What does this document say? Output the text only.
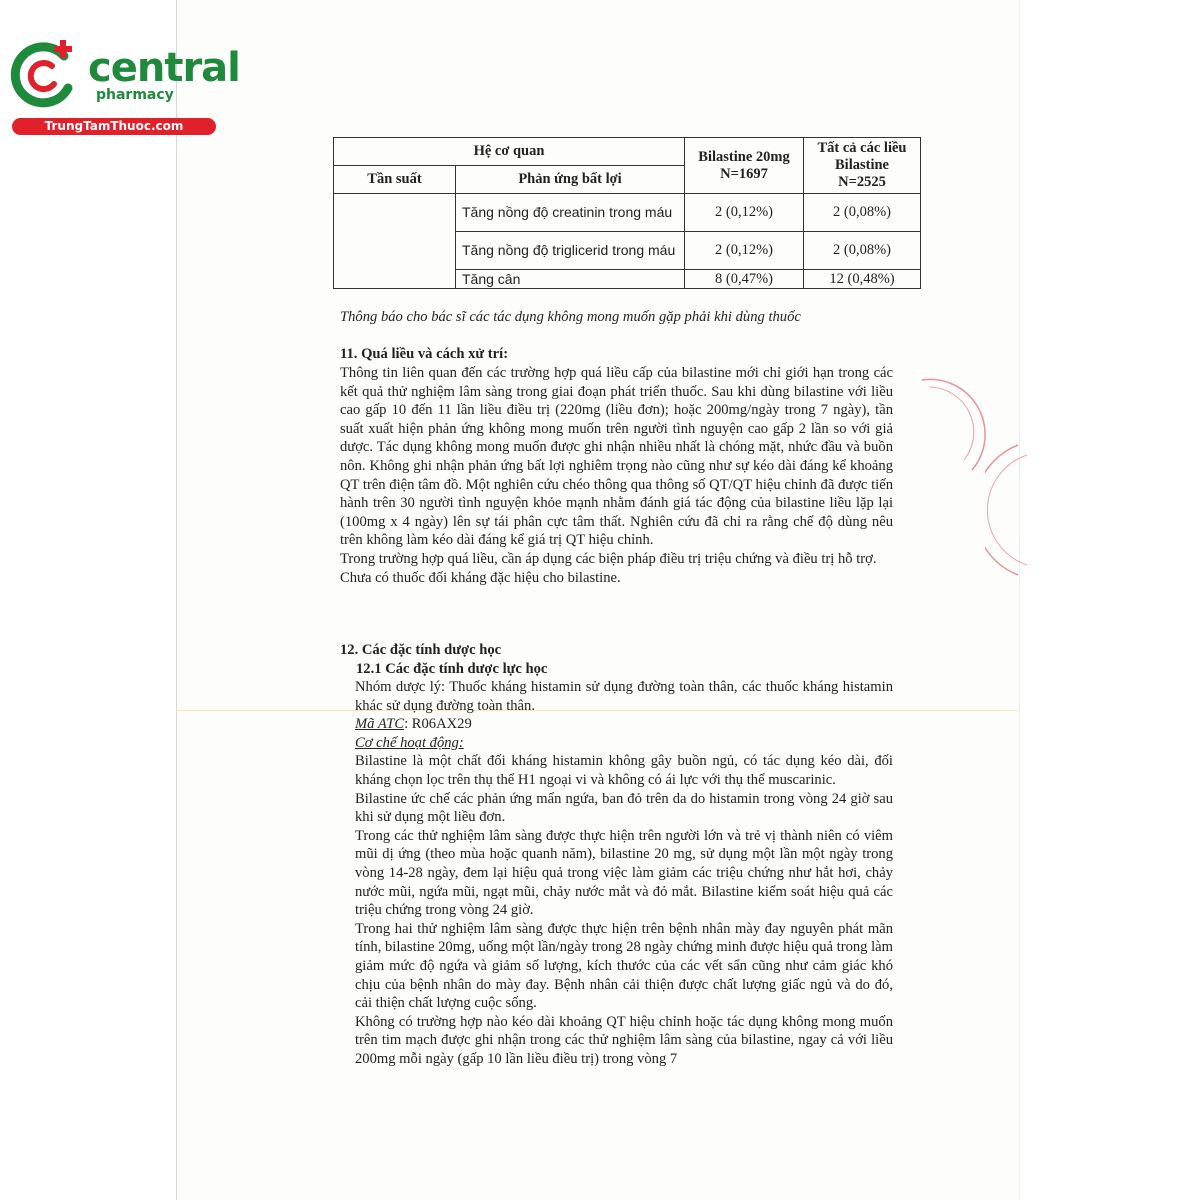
central
pharmacy
TrungTamThuoc.com
Hệ cơ quan		Bilastine 20mg N=1697	Tất cả các liều Bilastine N=2525
Tần suất	Phản ứng bất lợi		
	Tăng nồng độ creatinin trong máu	2 (0,12%)	2 (0,08%)
	Tăng nồng độ triglicerid trong máu	2 (0,12%)	2 (0,08%)
	Tăng cân	8 (0,47%)	12 (0,48%)
Thông báo cho bác sĩ các tác dụng không mong muốn gặp phải khi dùng thuốc
11. Quá liều và cách xử trí:
Thông tin liên quan đến các trường hợp quá liều cấp của bilastine mới chỉ giới hạn trong các kết quả thử nghiệm lâm sàng trong giai đoạn phát triển thuốc. Sau khi dùng bilastine với liều cao gấp 10 đến 11 lần liều điều trị (220mg (liều đơn); hoặc 200mg/ngày trong 7 ngày), tần suất xuất hiện phản ứng không mong muốn trên người tình nguyện cao gấp 2 lần so với giả dược. Tác dụng không mong muốn được ghi nhận nhiều nhất là chóng mặt, nhức đầu và buồn nôn. Không ghi nhận phản ứng bất lợi nghiêm trọng nào cũng như sự kéo dài đáng kể khoảng QT trên điện tâm đồ. Một nghiên cứu chéo thông qua thông số QT/QT hiệu chỉnh đã được tiến hành trên 30 người tình nguyện khỏe mạnh nhằm đánh giá tác động của bilastine liều lặp lại (100mg x 4 ngày) lên sự tái phân cực tâm thất. Nghiên cứu đã chỉ ra rằng chế độ dùng nêu trên không làm kéo dài đáng kể giá trị QT hiệu chỉnh.
Trong trường hợp quá liều, cần áp dụng các biện pháp điều trị triệu chứng và điều trị hỗ trợ.
Chưa có thuốc đối kháng đặc hiệu cho bilastine.
12. Các đặc tính dược học
12.1 Các đặc tính dược lực học
Nhóm dược lý: Thuốc kháng histamin sử dụng đường toàn thân, các thuốc kháng histamin khác sử dụng đường toàn thân.
Mã ATC: R06AX29
Cơ chế hoạt động:
Bilastine là một chất đối kháng histamin không gây buồn ngủ, có tác dụng kéo dài, đối kháng chọn lọc trên thụ thể H1 ngoại vi và không có ái lực với thụ thể muscarinic.
Bilastine ức chế các phản ứng mẩn ngứa, ban đỏ trên da do histamin trong vòng 24 giờ sau khi sử dụng một liều đơn.
Trong các thử nghiệm lâm sàng được thực hiện trên người lớn và trẻ vị thành niên có viêm mũi dị ứng (theo mùa hoặc quanh năm), bilastine 20 mg, sử dụng một lần một ngày trong vòng 14-28 ngày, đem lại hiệu quả trong việc làm giảm các triệu chứng như hắt hơi, chảy nước mũi, ngứa mũi, ngạt mũi, chảy nước mắt và đỏ mắt. Bilastine kiểm soát hiệu quả các triệu chứng trong vòng 24 giờ.
Trong hai thử nghiệm lâm sàng được thực hiện trên bệnh nhân mày đay nguyên phát mãn tính, bilastine 20mg, uống một lần/ngày trong 28 ngày chứng minh được hiệu quả trong làm giảm mức độ ngứa và giảm số lượng, kích thước của các vết sẩn cũng như cảm giác khó chịu của bệnh nhân do mày đay. Bệnh nhân cải thiện được chất lượng giấc ngủ và do đó, cải thiện chất lượng cuộc sống.
Không có trường hợp nào kéo dài khoảng QT hiệu chỉnh hoặc tác dụng không mong muốn trên tim mạch được ghi nhận trong các thử nghiệm lâm sàng của bilastine, ngay cả với liều 200mg mỗi ngày (gấp 10 lần liều điều trị) trong vòng 7
